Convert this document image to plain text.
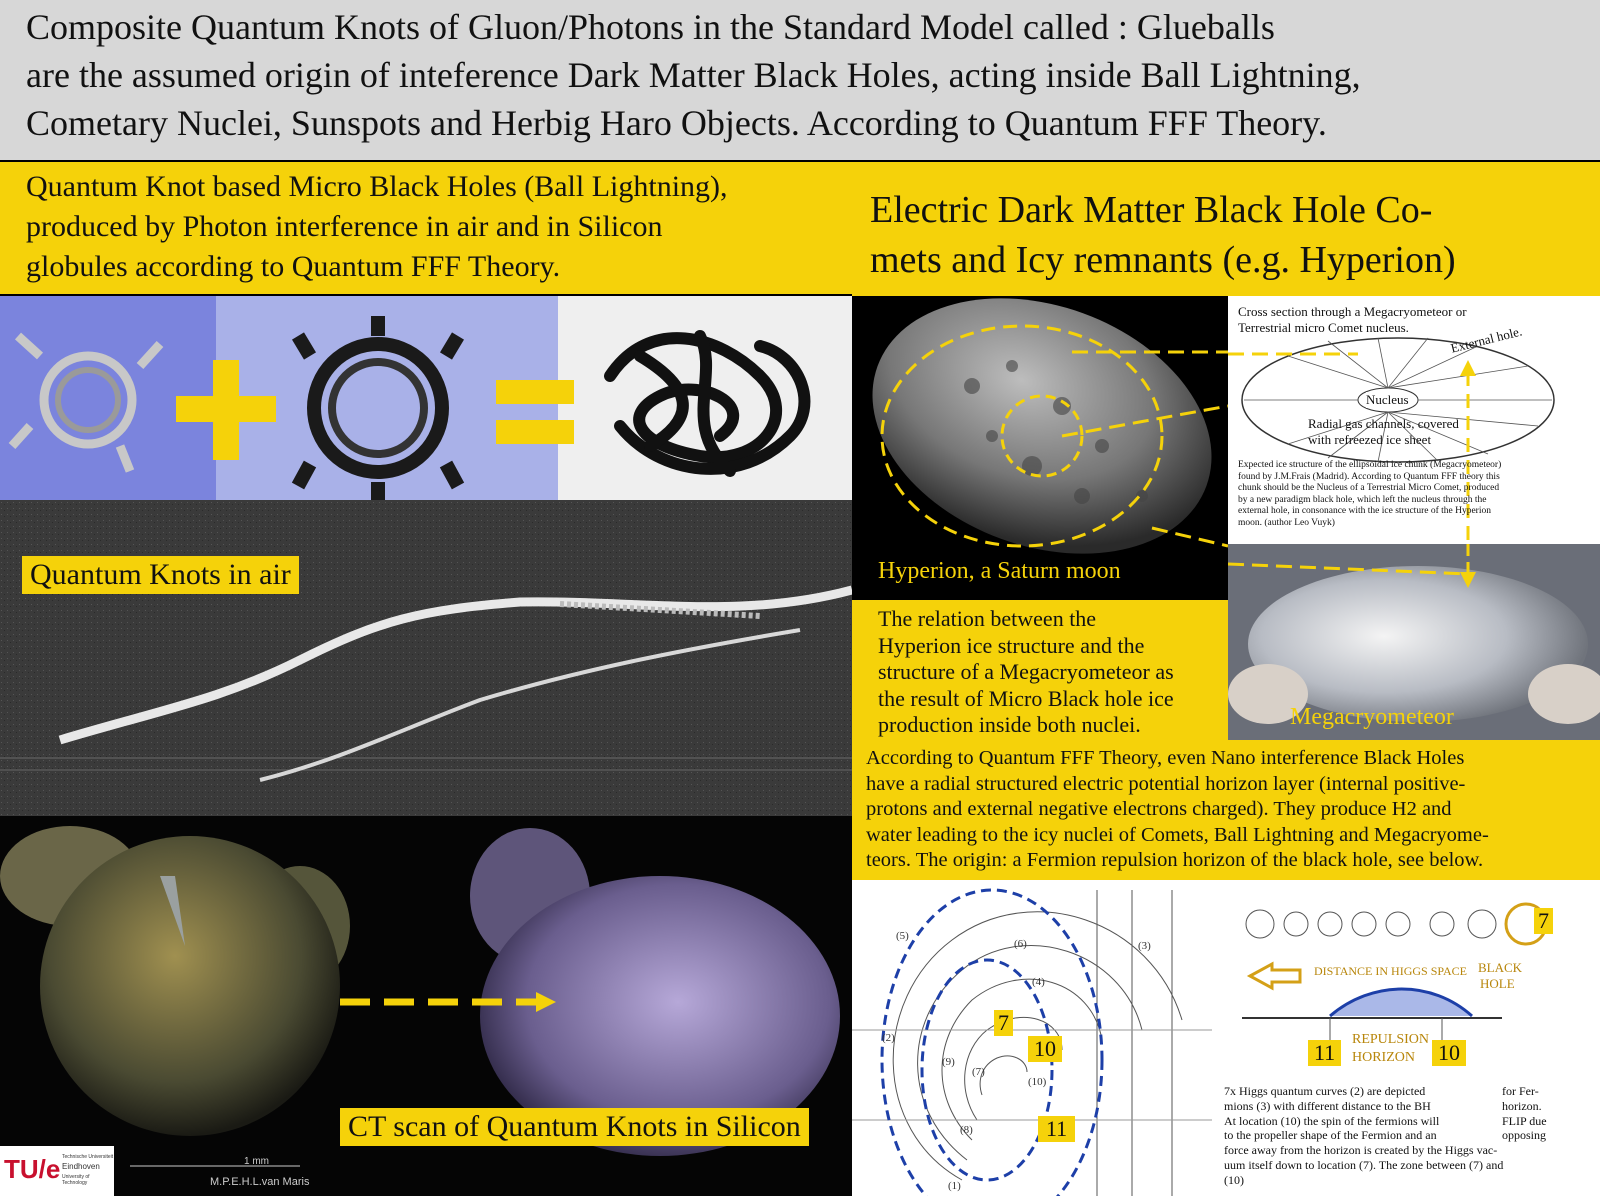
Composite Quantum Knots of Gluon/Photons in the Standard Model called : Glueballs
are the assumed origin of inteference Dark Matter Black Holes, acting inside Ball Lightning,
Cometary Nuclei, Sunspots and Herbig Haro Objects. According to Quantum FFF Theory.
Quantum Knot based Micro Black Holes (Ball Lightning),
produced by Photon interference in air and in Silicon
globules according to Quantum FFF Theory.
Quantum Knots in air
CT scan of Quantum Knots in Silicon
TU/e Technische Universiteit
Eindhoven
University of Technology
1 mm
M.P.E.H.L.van Maris
Electric Dark Matter Black Hole Co-
mets and Icy remnants (e.g. Hyperion)
Hyperion, a Saturn moon
Cross section through a Megacryometeor or
Terrestrial micro Comet nucleus.	External hole.
Nucleus
Radial gas channels, covered
with refreezed ice sheet
Expected ice structure of the ellipsoidal ice chunk (Megacryometeor)
found by J.M.Frais (Madrid). According to Quantum FFF theory this
chunk should be the Nucleus of a Terrestrial Micro Comet, produced
by a new paradigm black hole, which left the nucleus through the
external hole, in consonance with the ice structure of the Hyperion
moon. (author Leo Vuyk)
The relation between the
Hyperion ice structure and the
structure of a Megacryometeor as
the result of Micro Black hole ice
production inside both nuclei.	Megacryometeor
According to Quantum FFF Theory, even Nano interference Black Holes
have a radial structured electric potential horizon layer (internal positive-
protons and external negative electrons charged). They produce H2 and
water leading to the icy nuclei of Comets, Ball Lightning and Megacryome-
teors. The origin: a Fermion repulsion horizon of the black hole, see below.
(5)
(6)
(4)
(3)
(2)
(9)
(7)
(8)
(10)
(1)
7
10
11
7
DISTANCE IN HIGGS SPACE BLACK
HOLE
REPULSION
HORIZON
11	10
7x Higgs quantum curves (2) are depicted
mions (3) with different distance to the BH
At location (10) the spin of the fermions will
to the propeller shape of the Fermion and an
force away from the horizon is created by the Higgs vac-
uum itself down to location (7). The zone between (7) and
(10)
for Fer-
horizon.
FLIP due
opposing
